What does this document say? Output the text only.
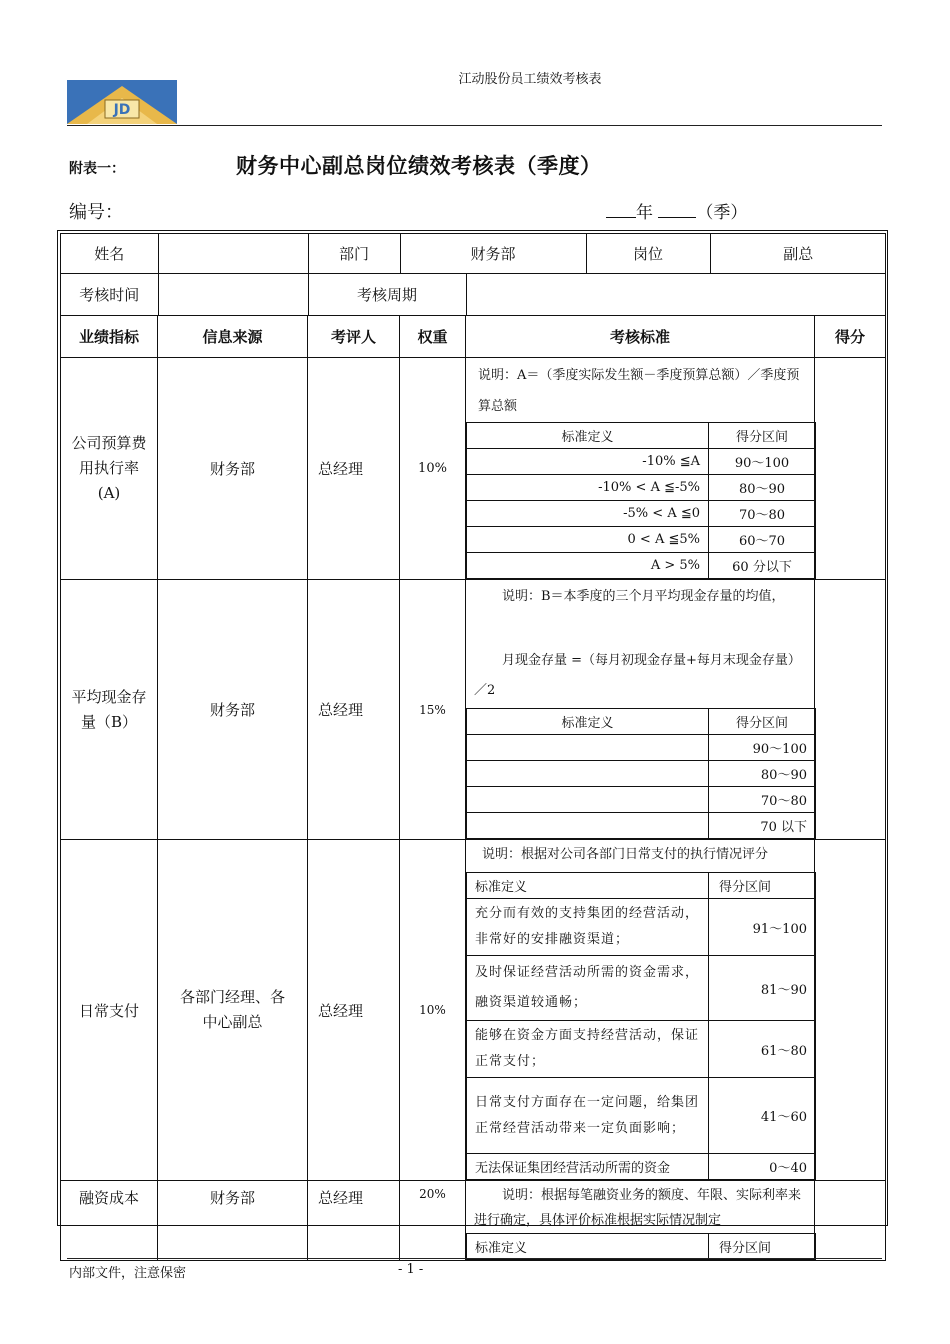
江动股份员工绩效考核表
JD
附表一：	财务中心副总岗位绩效考核表（季度）
编号：	年	（季）
姓名		部门	财务部	岗位	副总

考核时间		考核周期	

业绩指标	信息来源	考评人	权重	考核标准	得分
公司预算费用执行率
(A)	财务部	总经理	10%	
说明：A＝（季度实际发生额－季度预算总额）／季度预算总额
标准定义	得分区间
-10% ≦A	90～100
-10% < A ≦-5%	80～90
-5% < A ≦0	70～80
0 < A ≦5%	60～70
A > 5%	60 分以下

平均现金存量（B）	财务部	总经理	15%	
说明：B＝本季度的三个月平均现金存量的均值，
月现金存量 =（每月初现金存量+每月末现金存量）／2
标准定义	得分区间
	90～100
	80～90
	70～80
	70 以下

日常支付	各部门经理、各中心副总	总经理	10%	
说明：根据对公司各部门日常支付的执行情况评分
标准定义	得分区间
充分而有效的支持集团的经营活动，非常好的安排融资渠道；	91～100
及时保证经营活动所需的资金需求，融资渠道较通畅；	81～90
能够在资金方面支持经营活动，保证正常支付；	61～80
日常支付方面存在一定问题，给集团正常经营活动带来一定负面影响；	41～60
无法保证集团经营活动所需的资金	0～40

融资成本	财务部	总经理	20%	说明：根据每笔融资业务的额度、年限、实际利率来进行确定，具体评价标准根据实际情况制定
标准定义	得分区间

内部文件，注意保密	- 1 -
